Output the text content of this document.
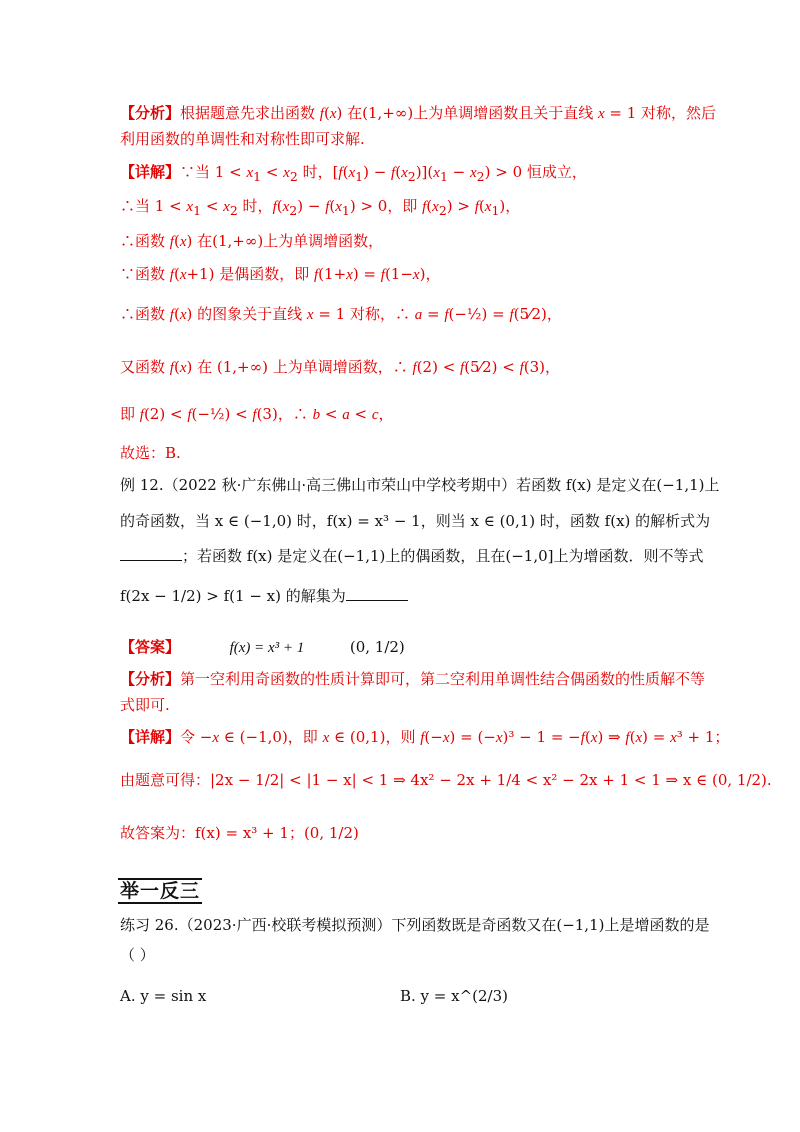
【分析】根据题意先求出函数 f(x) 在(1,+∞)上为单调增函数且关于直线 x = 1 对称，然后
利用函数的单调性和对称性即可求解.
【详解】∵当 $1 < x_1 < x_2$ 时，$[f(x_1) - f(x_2)](x_1 - x_2) > 0$ 恒成立，
∴当 $1 < x_1 < x_2$ 时，$f(x_2) - f(x_1) > 0$，即 $f(x_2) > f(x_1)$，
∴函数 f(x) 在(1,+∞)上为单调增函数，
∵函数 f(x+1) 是偶函数，即 f(1+x) = f(1−x)，
∴函数 f(x) 的图象关于直线 x = 1 对称，∴ a = f(−½) = f(5⁄2)，
又函数 f(x) 在 (1,+∞) 上为单调增函数，∴ f(2) < f(5⁄2) < f(3)，
即 f(2) < f(−½) < f(3)，∴ b < a < c，
故选：B.
例 12.（2022 秋·广东佛山·高三佛山市荣山中学校考期中）若函数 f(x) 是定义在(−1,1)上
的奇函数，当 x ∈ (−1,0) 时，f(x) = x³ − 1，则当 x ∈ (0,1) 时，函数 f(x) 的解析式为
；若函数 f(x) 是定义在(−1,1)上的偶函数，且在(−1,0]上为增函数．则不等式
f(2x − 1/2) > f(1 − x) 的解集为
【答案】	f(x) = x³ + 1	(0, 1/2)
【分析】第一空利用奇函数的性质计算即可，第二空利用单调性结合偶函数的性质解不等
式即可.
【详解】令 −x ∈ (−1,0)，即 x ∈ (0,1)，则 f(−x) = (−x)³ − 1 = −f(x) ⇒ f(x) = x³ + 1；
由题意可得：|2x − 1/2| < |1 − x| < 1 ⇒ 4x² − 2x + 1/4 < x² − 2x + 1 < 1 ⇒ x ∈ (0, 1/2).
故答案为：f(x) = x³ + 1；(0, 1/2)
举一反三
练习 26.（2023·广西·校联考模拟预测）下列函数既是奇函数又在(−1,1)上是增函数的是
（ ）
A. y = sin x	B. y = x^(2/3)
